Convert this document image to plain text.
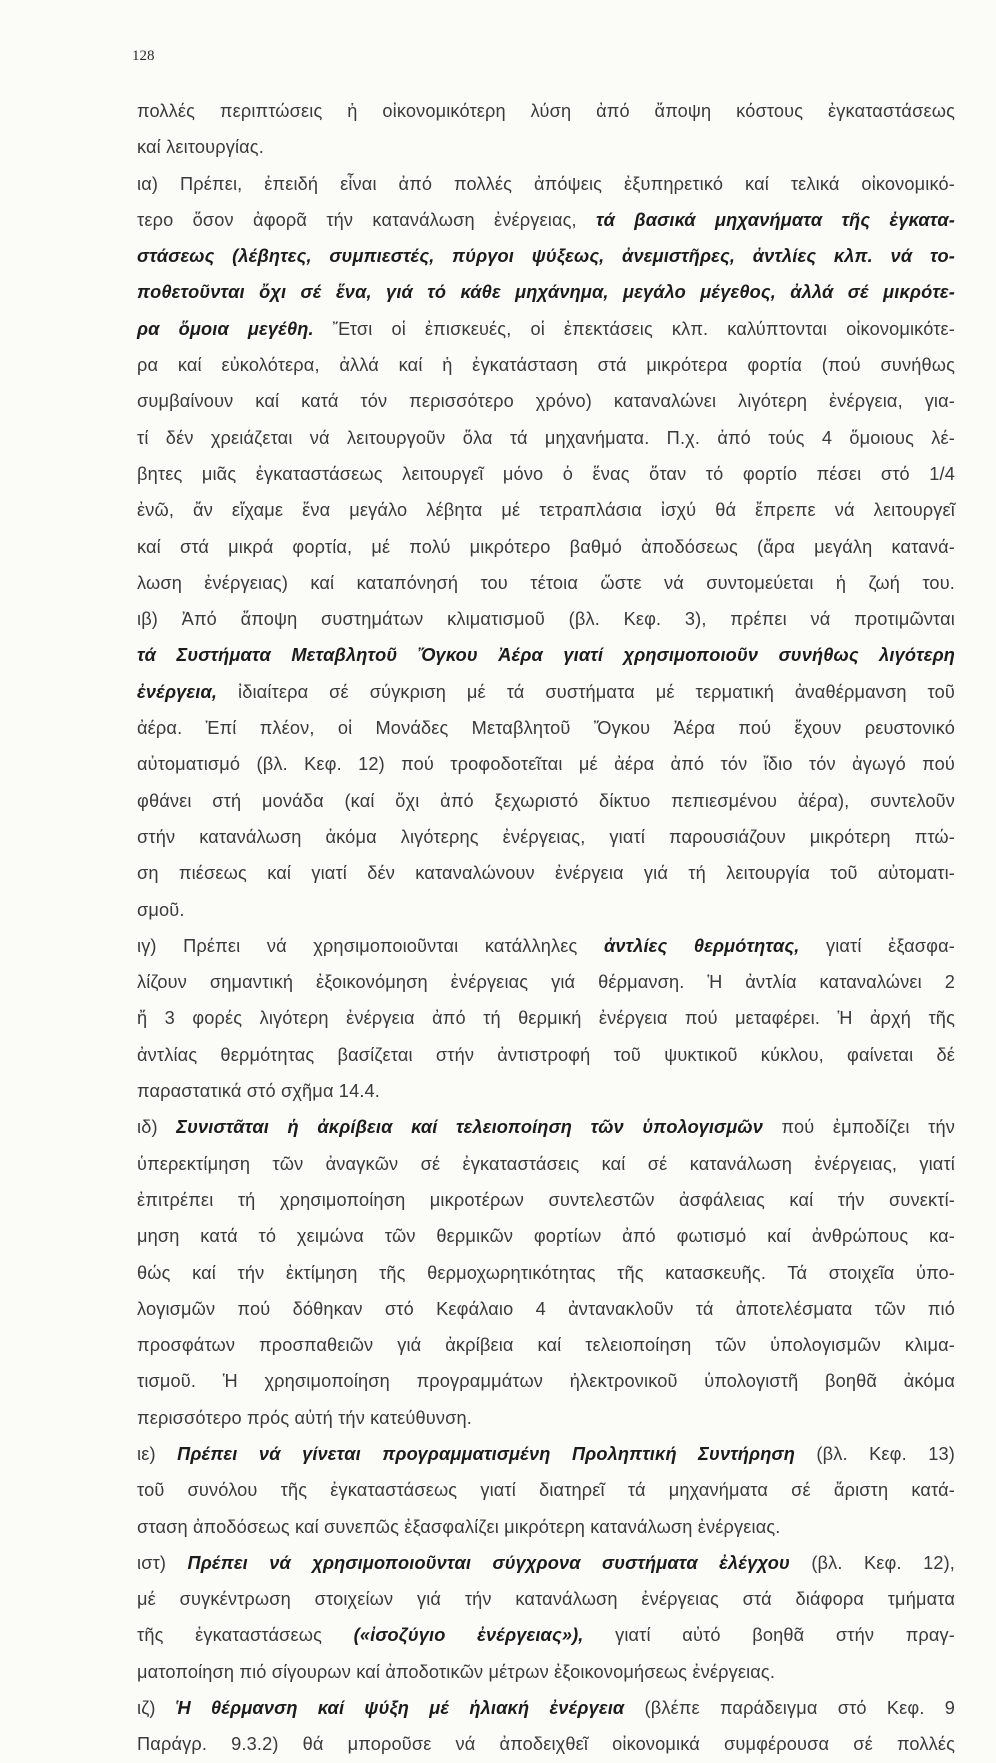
128
πολλές περιπτώσεις ἡ οἰκονομικότερη λύση ἀπό ἄποψη κόστους ἐγκαταστάσεως
καί λειτουργίας.
ια) Πρέπει, ἐπειδή εἶναι ἀπό πολλές ἀπόψεις ἐξυπηρετικό καί τελικά οἰκονομικό-
τερο ὅσον ἀφορᾶ τήν κατανάλωση ἐνέργειας, τά βασικά μηχανήματα τῆς ἐγκατα-
στάσεως (λέβητες, συμπιεστές, πύργοι ψύξεως, ἀνεμιστῆρες, ἀντλίες κλπ. νά το-
ποθετοῦνται ὄχι σέ ἕνα, γιά τό κάθε μηχάνημα, μεγάλο μέγεθος, ἀλλά σέ μικρότε-
ρα ὅμοια μεγέθη. Ἔτσι οἱ ἐπισκευές, οἱ ἐπεκτάσεις κλπ. καλύπτονται οἰκονομικότε-
ρα καί εὐκολότερα, ἀλλά καί ἡ ἐγκατάσταση στά μικρότερα φορτία (πού συνήθως
συμβαίνουν καί κατά τόν περισσότερο χρόνο) καταναλώνει λιγότερη ἐνέργεια, για-
τί δέν χρειάζεται νά λειτουργοῦν ὅλα τά μηχανήματα. Π.χ. ἀπό τούς 4 ὅμοιους λέ-
βητες μιᾶς ἐγκαταστάσεως λειτουργεῖ μόνο ὁ ἕνας ὅταν τό φορτίο πέσει στό 1/4
ἐνῶ, ἄν εἴχαμε ἕνα μεγάλο λέβητα μέ τετραπλάσια ἰσχύ θά ἔπρεπε νά λειτουργεῖ
καί στά μικρά φορτία, μέ πολύ μικρότερο βαθμό ἀποδόσεως (ἄρα μεγάλη κατανά-
λωση ἐνέργειας) καί καταπόνησή του τέτοια ὥστε νά συντομεύεται ἡ ζωή του.
ιβ) Ἀπό ἄποψη συστημάτων κλιματισμοῦ (βλ. Κεφ. 3), πρέπει νά προτιμῶνται
τά Συστήματα Μεταβλητοῦ Ὄγκου Ἀέρα γιατί χρησιμοποιοῦν συνήθως λιγότερη
ἐνέργεια, ἰδιαίτερα σέ σύγκριση μέ τά συστήματα μέ τερματική ἀναθέρμανση τοῦ
ἀέρα. Ἐπί πλέον, οἱ Μονάδες Μεταβλητοῦ Ὄγκου Ἀέρα πού ἔχουν ρευστονικό
αὐτοματισμό (βλ. Κεφ. 12) πού τροφοδοτεῖται μέ ἀέρα ἀπό τόν ἴδιο τόν ἀγωγό πού
φθάνει στή μονάδα (καί ὄχι ἀπό ξεχωριστό δίκτυο πεπιεσμένου ἀέρα), συντελοῦν
στήν κατανάλωση ἀκόμα λιγότερης ἐνέργειας, γιατί παρουσιάζουν μικρότερη πτώ-
ση πιέσεως καί γιατί δέν καταναλώνουν ἐνέργεια γιά τή λειτουργία τοῦ αὐτοματι-
σμοῦ.
ιγ) Πρέπει νά χρησιμοποιοῦνται κατάλληλες ἀντλίες θερμότητας, γιατί ἐξασφα-
λίζουν σημαντική ἐξοικονόμηση ἐνέργειας γιά θέρμανση. Ἡ ἀντλία καταναλώνει 2
ἤ 3 φορές λιγότερη ἐνέργεια ἀπό τή θερμική ἐνέργεια πού μεταφέρει. Ἡ ἀρχή τῆς
ἀντλίας θερμότητας βασίζεται στήν ἀντιστροφή τοῦ ψυκτικοῦ κύκλου, φαίνεται δέ
παραστατικά στό σχῆμα 14.4.
ιδ) Συνιστᾶται ἡ ἀκρίβεια καί τελειοποίηση τῶν ὑπολογισμῶν πού ἐμποδίζει τήν
ὑπερεκτίμηση τῶν ἀναγκῶν σέ ἐγκαταστάσεις καί σέ κατανάλωση ἐνέργειας, γιατί
ἐπιτρέπει τή χρησιμοποίηση μικροτέρων συντελεστῶν ἀσφάλειας καί τήν συνεκτί-
μηση κατά τό χειμώνα τῶν θερμικῶν φορτίων ἀπό φωτισμό καί ἀνθρώπους κα-
θώς καί τήν ἐκτίμηση τῆς θερμοχωρητικότητας τῆς κατασκευῆς. Τά στοιχεῖα ὑπο-
λογισμῶν πού δόθηκαν στό Κεφάλαιο 4 ἀντανακλοῦν τά ἀποτελέσματα τῶν πιό
προσφάτων προσπαθειῶν γιά ἀκρίβεια καί τελειοποίηση τῶν ὑπολογισμῶν κλιμα-
τισμοῦ. Ἡ χρησιμοποίηση προγραμμάτων ἠλεκτρονικοῦ ὑπολογιστῆ βοηθᾶ ἀκόμα
περισσότερο πρός αὐτή τήν κατεύθυνση.
ιε) Πρέπει νά γίνεται προγραμματισμένη Προληπτική Συντήρηση (βλ. Κεφ. 13)
τοῦ συνόλου τῆς ἐγκαταστάσεως γιατί διατηρεῖ τά μηχανήματα σέ ἄριστη κατά-
σταση ἀποδόσεως καί συνεπῶς ἐξασφαλίζει μικρότερη κατανάλωση ἐνέργειας.
ιστ) Πρέπει νά χρησιμοποιοῦνται σύγχρονα συστήματα ἐλέγχου (βλ. Κεφ. 12),
μέ συγκέντρωση στοιχείων γιά τήν κατανάλωση ἐνέργειας στά διάφορα τμήματα
τῆς ἐγκαταστάσεως («ἰσοζύγιο ἐνέργειας»), γιατί αὐτό βοηθᾶ στήν πραγ-
ματοποίηση πιό σίγουρων καί ἀποδοτικῶν μέτρων ἐξοικονομήσεως ἐνέργειας.
ιζ) Ἡ θέρμανση καί ψύξη μέ ἡλιακή ἐνέργεια (βλέπε παράδειγμα στό Κεφ. 9
Παράγρ. 9.3.2) θά μποροῦσε νά ἀποδειχθεῖ οἰκονομικά συμφέρουσα σέ πολλές
